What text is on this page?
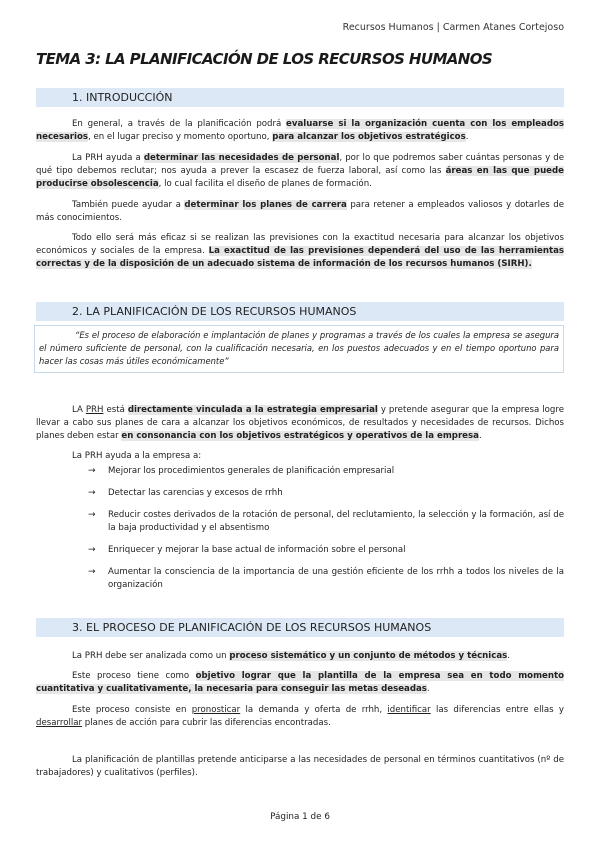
Recursos Humanos | Carmen Atanes Cortejoso
TEMA 3: LA PLANIFICACIÓN DE LOS RECURSOS HUMANOS
1. INTRODUCCIÓN
En general, a través de la planificación podrá evaluarse si la organización cuenta con los empleados necesarios, en el lugar preciso y momento oportuno, para alcanzar los objetivos estratégicos.
La PRH ayuda a determinar las necesidades de personal, por lo que podremos saber cuántas personas y de qué tipo debemos reclutar; nos ayuda a prever la escasez de fuerza laboral, así como las áreas en las que puede producirse obsolescencia, lo cual facilita el diseño de planes de formación.
También puede ayudar a determinar los planes de carrera para retener a empleados valiosos y dotarles de más conocimientos.
Todo ello será más eficaz si se realizan las previsiones con la exactitud necesaria para alcanzar los objetivos económicos y sociales de la empresa. La exactitud de las previsiones dependerá del uso de las herramientas correctas y de la disposición de un adecuado sistema de información de los recursos humanos (SIRH).
2. LA PLANIFICACIÓN DE LOS RECURSOS HUMANOS
“Es el proceso de elaboración e implantación de planes y programas a través de los cuales la empresa se asegura el número suficiente de personal, con la cualificación necesaria, en los puestos adecuados y en el tiempo oportuno para hacer las cosas más útiles económicamente”
LA PRH está directamente vinculada a la estrategia empresarial y pretende asegurar que la empresa logre llevar a cabo sus planes de cara a alcanzar los objetivos económicos, de resultados y necesidades de recursos. Dichos planes deben estar en consonancia con los objetivos estratégicos y operativos de la empresa.
La PRH ayuda a la empresa a:
→ Mejorar los procedimientos generales de planificación empresarial
→ Detectar las carencias y excesos de rrhh
→ Reducir costes derivados de la rotación de personal, del reclutamiento, la selección y la formación, así de la baja productividad y el absentismo
→ Enriquecer y mejorar la base actual de información sobre el personal
→ Aumentar la consciencia de la importancia de una gestión eficiente de los rrhh a todos los niveles de la organización
3. EL PROCESO DE PLANIFICACIÓN DE LOS RECURSOS HUMANOS
La PRH debe ser analizada como un proceso sistemático y un conjunto de métodos y técnicas.
Este proceso tiene como objetivo lograr que la plantilla de la empresa sea en todo momento cuantitativa y cualitativamente, la necesaria para conseguir las metas deseadas.
Este proceso consiste en pronosticar la demanda y oferta de rrhh, identificar las diferencias entre ellas y desarrollar planes de acción para cubrir las diferencias encontradas.
La planificación de plantillas pretende anticiparse a las necesidades de personal en términos cuantitativos (nº de trabajadores) y cualitativos (perfiles).
Página 1 de 6
